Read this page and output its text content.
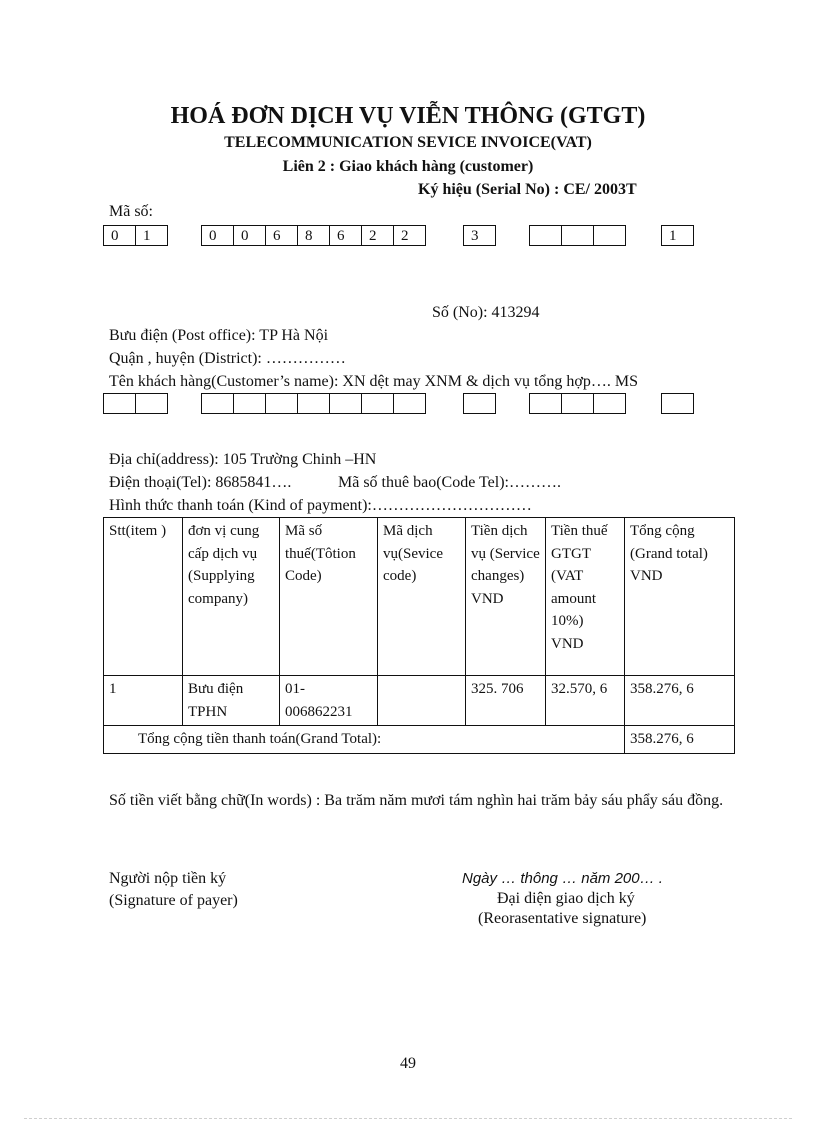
HOÁ ĐƠN DỊCH VỤ VIỄN THÔNG (GTGT)
TELECOMMUNICATION SEVICE INVOICE(VAT)
Liên 2 : Giao khách hàng (customer)
Ký hiệu (Serial No) : CE/ 2003T
Mã số:
0	1	0	0	6	8	6	2	2	3	1
Số (No): 413294
Bưu điện (Post office): TP Hà Nội
Quận , huyện (District): ……………
Tên khách hàng(Customer’s name): XN dệt may XNM & dịch vụ tổng hợp…. MS
Địa chỉ(address): 105 Trường Chinh –HN
Điện thoại(Tel): 8685841….	Mã số thuê bao(Code Tel):……….
Hình thức thanh toán (Kind of payment):…………………………
Stt(item )	đơn vị cung cấp dịch vụ (Supplying company)	Mã số thuế(Tôtion Code)	Mã dịch vụ(Sevice code)	Tiền dịch vụ (Service changes) VND	Tiền thuế GTGT (VAT amount 10%) VND	Tổng cộng (Grand total) VND
1	Bưu điện TPHN	01-006862231		325. 706	32.570, 6	358.276, 6
Tổng cộng tiền thanh toán(Grand Total):						358.276, 6
Số tiền viết bằng chữ(In words) : Ba trăm năm mươi tám nghìn hai trăm bảy sáu phẩy sáu đồng.
Người nộp tiền ký
(Signature of payer)
Ngày … thông … năm 200… .
Đại diện giao dịch ký
(Reorasentative signature)
49
